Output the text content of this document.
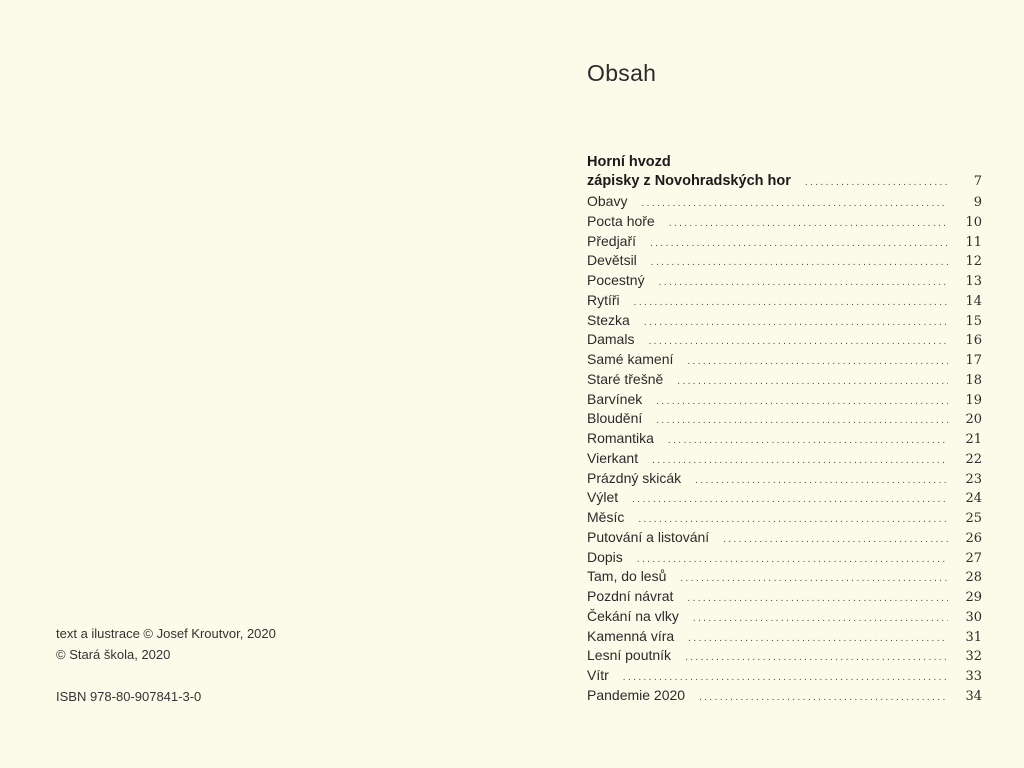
text a ilustrace © Josef Kroutvor, 2020
© Stará škola, 2020
ISBN 978-80-907841-3-0
Obsah
Horní hvozd
zápisky z Novohradských hor .....	7
Obavy .....	9
Pocta hoře .....	10
Předjaří .....	11
Devětsil .....	12
Pocestný .....	13
Rytíři .....	14
Stezka .....	15
Damals .....	16
Samé kamení .....	17
Staré třešně .....	18
Barvínek .....	19
Bloudění .....	20
Romantika .....	21
Vierkant .....	22
Prázdný skicák .....	23
Výlet .....	24
Měsíc .....	25
Putování a listování .....	26
Dopis .....	27
Tam, do lesů .....	28
Pozdní návrat .....	29
Čekání na vlky .....	30
Kamenná víra .....	31
Lesní poutník .....	32
Vítr .....	33
Pandemie 2020 .....	34
